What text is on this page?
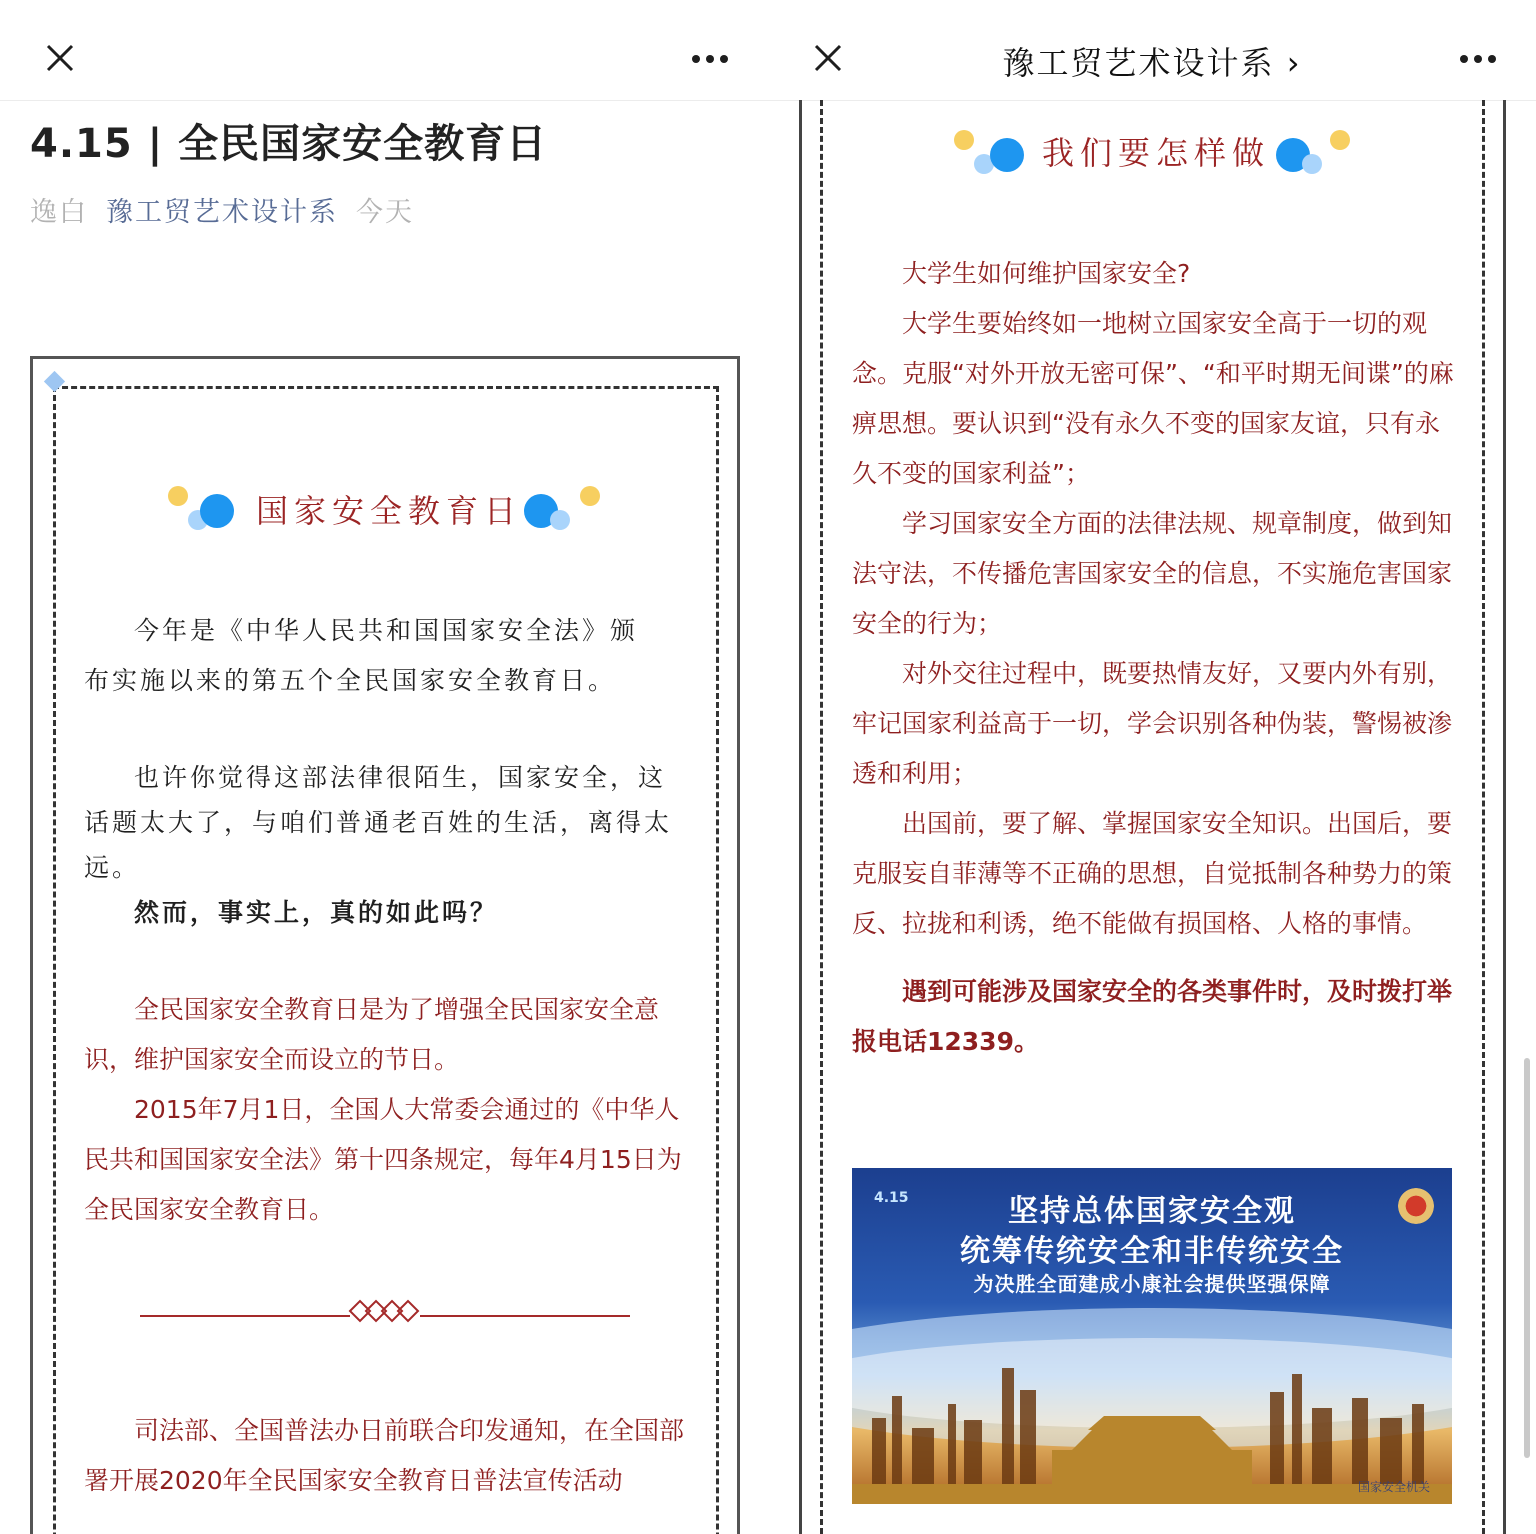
4.15 | 全民国家安全教育日
逸白 豫工贸艺术设计系 今天
国家安全教育日

今年是《中华人民共和国国家安全法》颁布实施以来的第五个全民国家安全教育日。

也许你觉得这部法律很陌生，国家安全，这话题太大了，与咱们普通老百姓的生活，离得太远。

然而，事实上，真的如此吗？

全民国家安全教育日是为了增强全民国家安全意识，维护国家安全而设立的节日。

2015年7月1日，全国人大常委会通过的《中华人民共和国国家安全法》第十四条规定，每年4月15日为全民国家安全教育日。

司法部、全国普法办日前联合印发通知，在全国部署开展2020年全民国家安全教育日普法宣传活动

豫工贸艺术设计系 ›
我们要怎样做

大学生如何维护国家安全?

大学生要始终如一地树立国家安全高于一切的观念。克服“对外开放无密可保”、“和平时期无间谍”的麻痹思想。要认识到“没有永久不变的国家友谊，只有永久不变的国家利益”；

学习国家安全方面的法律法规、规章制度，做到知法守法，不传播危害国家安全的信息，不实施危害国家安全的行为；

对外交往过程中，既要热情友好，又要内外有别，牢记国家利益高于一切，学会识别各种伪装，警惕被渗透和利用；

出国前，要了解、掌握国家安全知识。出国后，要克服妄自菲薄等不正确的思想，自觉抵制各种势力的策反、拉拢和利诱，绝不能做有损国格、人格的事情。

遇到可能涉及国家安全的各类事件时，及时拨打举报电话12339。

4.15	坚持总体国家安全观
统筹传统安全和非传统安全
为决胜全面建成小康社会提供坚强保障
国家安全机关
